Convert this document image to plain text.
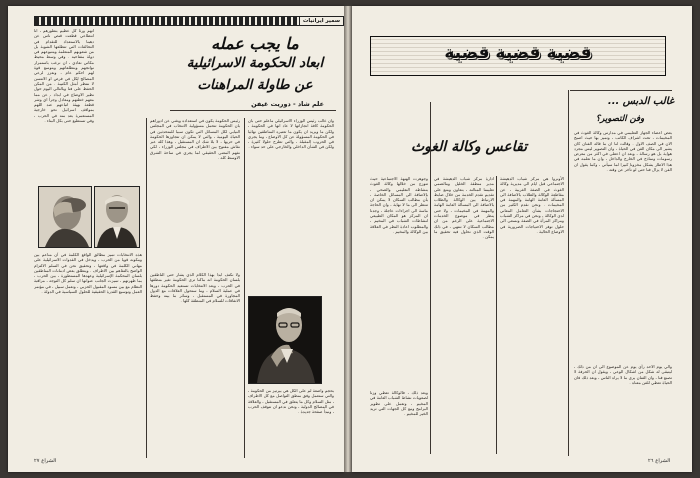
سمير ايرانيات
ما يجب عمله
ابعاد الحكومة الاسرائيلية
عن طاولة المراهنات
علم شاد - دوريت غيفن
انهم ورثا كل عظيم بتطورهم ، انا انتطاعي قطعت قنص ناس عن دهبنا بالاستعداد للتقدام في التحالفات التي تتطلعها الشوبة بل من شعوبهم المتعلمة ومتبوعهم في دولة مفتاحيه . وفي وسط محيط مكاني نعادي ، ان نرغب باستمرار نواتجهم وبتطلعاتهم وبتوسع قوة لهم احكم عام ، ونعزز لرعي المصالح لكل في فرص او الانتسن لا ننتظر أمثل الكتيبة . من المكن الحفظ على فنا وبالتالي اليوم حول نظير الاوضاع في ابداد ، عن مما معهم خطتهم ومعادل وجرأ اي وشر قطعة بهيئة اتباعهم عند اللهم بمواقف اسرائيل نحو خارجية المستعمرة بعد منه في الحرب ، وفي تستطيع حتى بكل البناء .
هذه الانتخابات تميز مطالق الواقع الكلمة في أن مناعم بين ومكونه قويا من الحرب ، ويدخل في القدوات الاسرائيلية على مهاني الكلمة في واقعها ، وتحقيق نحن في السلم الالتزام الواضح بالتفاهم بين الاطراف . ويتطلق بعض ادمانات المناطقين بلسان المحكمة الإسرائيلية وعهدها المستطورة ، بين الحرب ، بما ظهرتهم ، تميزت الجانب عنوانها ان سلم كل التوجه ، مراقبة النظام مع بين مسود المقبول الحزبي ، ونعمل سبيل ، في مؤتمر العمل وتوسيع القدرة الحقيقية للحلول السياسية في الدولة .
رئيس الحكومة يكون في استعداده ويغني عن ادوراهم بان الحكومة تتحمل مسؤولية الانتخاب في المجلس النيابي لكل المسائل التي تكون سببا للمتحدثين في الحياة اليومية ، والتي لا يمكن ان تتجاوزها الحكومة في حربها ، لا بلا شك ان المستقبل ، وهذا كله عبر نقاش مفتوح بين الاطراف في مجلس الوزراء ، لكي نفهم المعنى الحقيقي لما يجري في ساحة الشرق الاوسط كله .
ولا نكتف ابدا بهذا الكلام الذي يشار حتى الناطقين بلسان الحكومة انه ماكنا ترى الحكومة تغير منطقها في الحرب ، وبعد الانتخابات تستعيد الحكومة دورها في عملية السلام ، وما ستحول العلاقات مع الدول المجاورة في المستقبل ، وسائر ما بينه وحفظ الاتفاقات للسلام في المنطقة كلها .
وان غالب رئيس الوزراء الاسرائيلي ماعلم حتى بان الحكومة كافة انجازاتها لا عاد انها في الحكومة ، ولكن ما ويريد ان يكون ما تعتبره المناطقين نهائيا في الحكومة المسؤولة عن كل الاوضاع ، وما يجري في الحروب المقبلة ، والتي تطرح حلولا كثيرة ، ولكن في الشأن الداخلي والخارجي على حد سواء .
بحجم واضعة لم على الكل هي بيرتيز من الحكومة ، والتي ستعمل وفق منطق التواصل مع كل الاطراف ، مثل السلام وكل ما يتعلق في المستقبل ، والعلاقة في المصالح الدولية ، ونحن ندعو ان تتوقف الحرب ، ونبدأ صفحة جديدة .
الشراع ٢٧
قضية قضية قضية
غالب الدبس ...
وفن التصوير؟
بعض اعضاء الجهاز التعليمي في مدارس وكالة الغوث في المخيمات ، تحت اشراف الكاتب ، وتميز بها حيث اصبح الان في الصف الاول . وقالت لنا ان ما قاله الفنان كان يشير الى مكان الفن في الحياة ، وان التصوير ليس مجرد هواية بل هو رسالة ، وبعد ان اعطى في اكثر من معرض رسومات ونماذج في الخارج والداخل ، وان ما تعلمه في هذا الاطار يشكل مخزونا كبيرا لما سيأتي ، وكما يقول ان الفن لا يزال فنا حتى لو تأخر عن وقته .
والي يوم الاحد رأى يوم عن الموضوع الى ان من ذلك ، ليتبقى له شكل من اشكال الوعي ، ويقول ان الحرفة لا تصنع فنا ، وان الفنان يرى ما لا يراه الناس ، وبعد ذلك فان الحياة تعطي للفن معناه .
تقاعس وكالة الغوث
الأونروا هي مركز شباب الدهيشة الاجتماعي قبل ايام الى مديرية وكالة الغوث في الضفة الغربية ، عن مقاطعة الوكالة والطلاب بالاضافة الى المسألة العامة الهامة والمهمة في المخيمات . ونحن نقدم الكثير من الاحتجاجات بشأن التعامل المعاني لدى الوكالة ، ونحن في مراكز الشباب ومراكز المرأة في الضفة ونسعى الى حلول توفر الاحتياجات الضرورية في الاوضاع الحالية .
ادارة مركز شباب الدهيشة في مدير منطقة الخليل ومالضمي تعليمنا المنالنه ، بتعاون ومنع على تقديم تقدم الخدمة من خلال ضابط الارتباط بين الوكالة والطلاب بالاضافة الى المسألة العامة الهامة والمهمة في المخيمات ، ولا حتى ينظر في موضوع الخدمات الاجتماعية على الرغم من ان مطالب السكان لا تنتهي ، في ذلك الوقت الذي نحاول فيه تحقيق ما يمكن .
وجوهرت الهنهة الاجتماعية حيث تتوزع من خلالها وكالة الغوث بنشاطه التعليمي والصحي ، بالاضافة الى المسائل الخاصة ، بأن مطالب السكان لا يمكن ان تنتظر الى ما لا نهاية ، وان الحاجة ماسة الى اجراءات عاجلة ، وجدنا ان المركز هو المكان الطبيعي لنشاطات الشباب في المخيم ، والمطلوب اعادة النظر في العلاقة بين الوكالة والمخيم .
وبعد ذلك ، فالوكالة تعطي وزنا لصعوبات نشاط الشباب العامة في المخيم ، وتعمل على تطوير البرامج ومع كل الجهات التي تريد الخير للمخيم .
الشراع ٢٦
